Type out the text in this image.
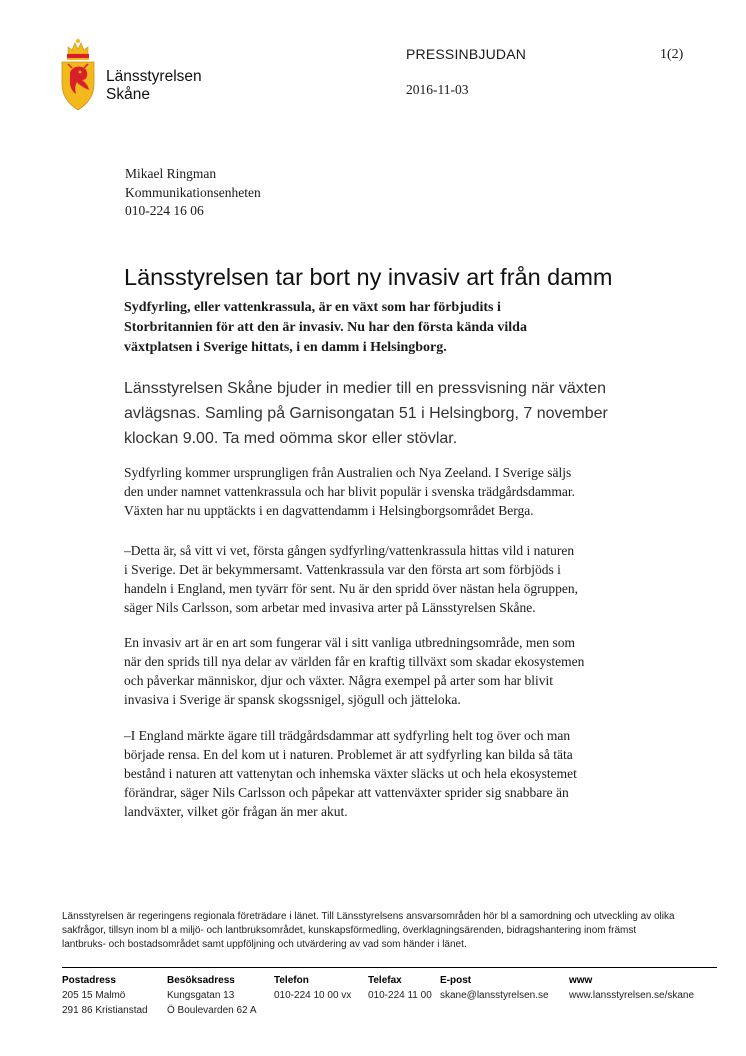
Länsstyrelsen
Skåne
PRESSINBJUDAN	1(2)
2016-11-03
Mikael Ringman
Kommunikationsenheten
010-224 16 06
Länsstyrelsen tar bort ny invasiv art från damm
Sydfyrling, eller vattenkrassula, är en växt som har förbjudits i
Storbritannien för att den är invasiv. Nu har den första kända vilda
växtplatsen i Sverige hittats, i en damm i Helsingborg.
Länsstyrelsen Skåne bjuder in medier till en pressvisning när växten
avlägsnas. Samling på Garnisongatan 51 i Helsingborg, 7 november
klockan 9.00. Ta med oömma skor eller stövlar.
Sydfyrling kommer ursprungligen från Australien och Nya Zeeland. I Sverige säljs
den under namnet vattenkrassula och har blivit populär i svenska trädgårdsdammar.
Växten har nu upptäckts i en dagvattendamm i Helsingborgsområdet Berga.
–Detta är, så vitt vi vet, första gången sydfyrling/vattenkrassula hittas vild i naturen
i Sverige. Det är bekymmersamt. Vattenkrassula var den första art som förbjöds i
handeln i England, men tyvärr för sent. Nu är den spridd över nästan hela ögruppen,
säger Nils Carlsson, som arbetar med invasiva arter på Länsstyrelsen Skåne.
En invasiv art är en art som fungerar väl i sitt vanliga utbredningsområde, men som
när den sprids till nya delar av världen får en kraftig tillväxt som skadar ekosystemen
och påverkar människor, djur och växter. Några exempel på arter som har blivit
invasiva i Sverige är spansk skogssnigel, sjögull och jätteloka.
–I England märkte ägare till trädgårdsdammar att sydfyrling helt tog över och man
började rensa. En del kom ut i naturen. Problemet är att sydfyrling kan bilda så täta
bestånd i naturen att vattenytan och inhemska växter släcks ut och hela ekosystemet
förändrar, säger Nils Carlsson och påpekar att vattenväxter sprider sig snabbare än
landväxter, vilket gör frågan än mer akut.
Länsstyrelsen är regeringens regionala företrädare i länet. Till Länsstyrelsens ansvarsområden hör bl a samordning och utveckling av olika
sakfrågor, tillsyn inom bl a miljö- och lantbruksområdet, kunskapsförmedling, överklagningsärenden, bidragshantering inom främst
lantbruks- och bostadsområdet samt uppföljning och utvärdering av vad som händer i länet.
Postadress
205 15 Malmö
291 86 Kristianstad
Besöksadress
Kungsgatan 13
Ö Boulevarden 62 A
Telefon
010-224 10 00 vx
Telefax
010-224 11 00
E-post
skane@lansstyrelsen.se
www
www.lansstyrelsen.se/skane
